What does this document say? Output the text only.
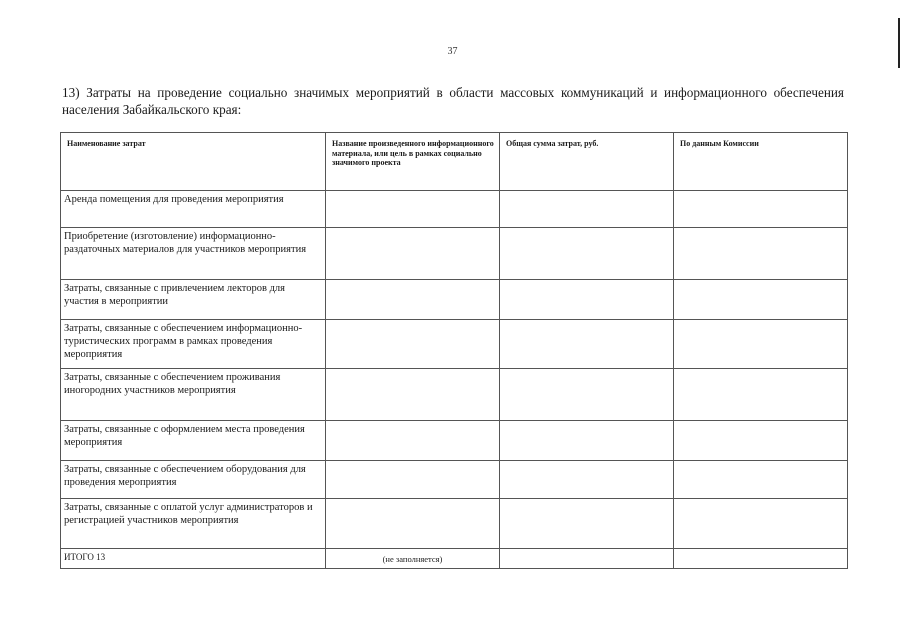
37
13) Затраты на проведение социально значимых мероприятий в области массовых коммуникаций и информационного обеспечения населения Забайкальского края:
Наименование затрат	Название произведенного информационного материала, или цель в рамках социально значимого проекта	Общая сумма затрат, руб.	По данным Комиссии
Аренда помещения для проведения мероприятия			
Приобретение (изготовление) информационно-раздаточных материалов для участников мероприятия			
Затраты, связанные с привлечением лекторов для участия в мероприятии			
Затраты, связанные с обеспечением информационно-туристических программ в рамках проведения мероприятия			
Затраты, связанные с обеспечением проживания иногородних участников мероприятия			
Затраты, связанные с оформлением места проведения мероприятия			
Затраты, связанные с обеспечением оборудования для проведения мероприятия			
Затраты, связанные с оплатой услуг администраторов и регистрацией участников мероприятия			
ИТОГО 13	(не заполняется)		
